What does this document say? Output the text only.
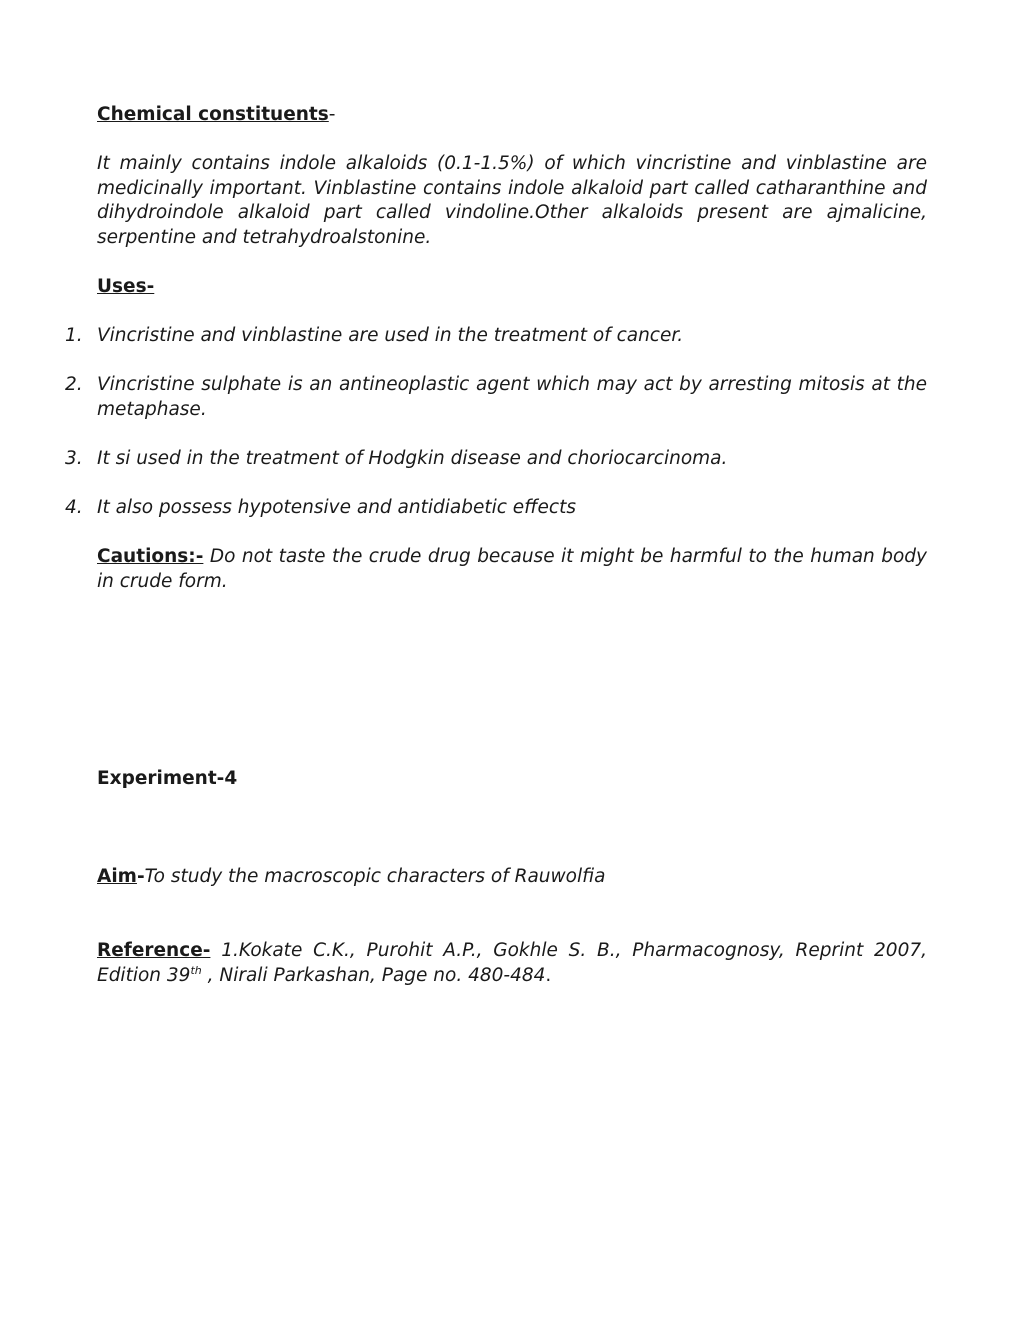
Chemical constituents-
It mainly contains indole alkaloids (0.1-1.5%) of which vincristine and vinblastine are medicinally important. Vinblastine contains indole alkaloid part called catharanthine and dihydroindole alkaloid part called vindoline.Other alkaloids present are ajmalicine, serpentine and tetrahydroalstonine.
Uses-
1. Vincristine and vinblastine are used in the treatment of cancer.
2. Vincristine sulphate is an antineoplastic agent which may act by arresting mitosis at the metaphase.
3. It si used in the treatment of Hodgkin disease and choriocarcinoma.
4. It also possess hypotensive and antidiabetic effects
Cautions:- Do not taste the crude drug because it might be harmful to the human body in crude form.
Experiment-4
Aim-To study the macroscopic characters of Rauwolfia
Reference- 1.Kokate C.K., Purohit A.P., Gokhle S. B., Pharmacognosy, Reprint 2007, Edition 39th , Nirali Parkashan, Page no. 480-484.
